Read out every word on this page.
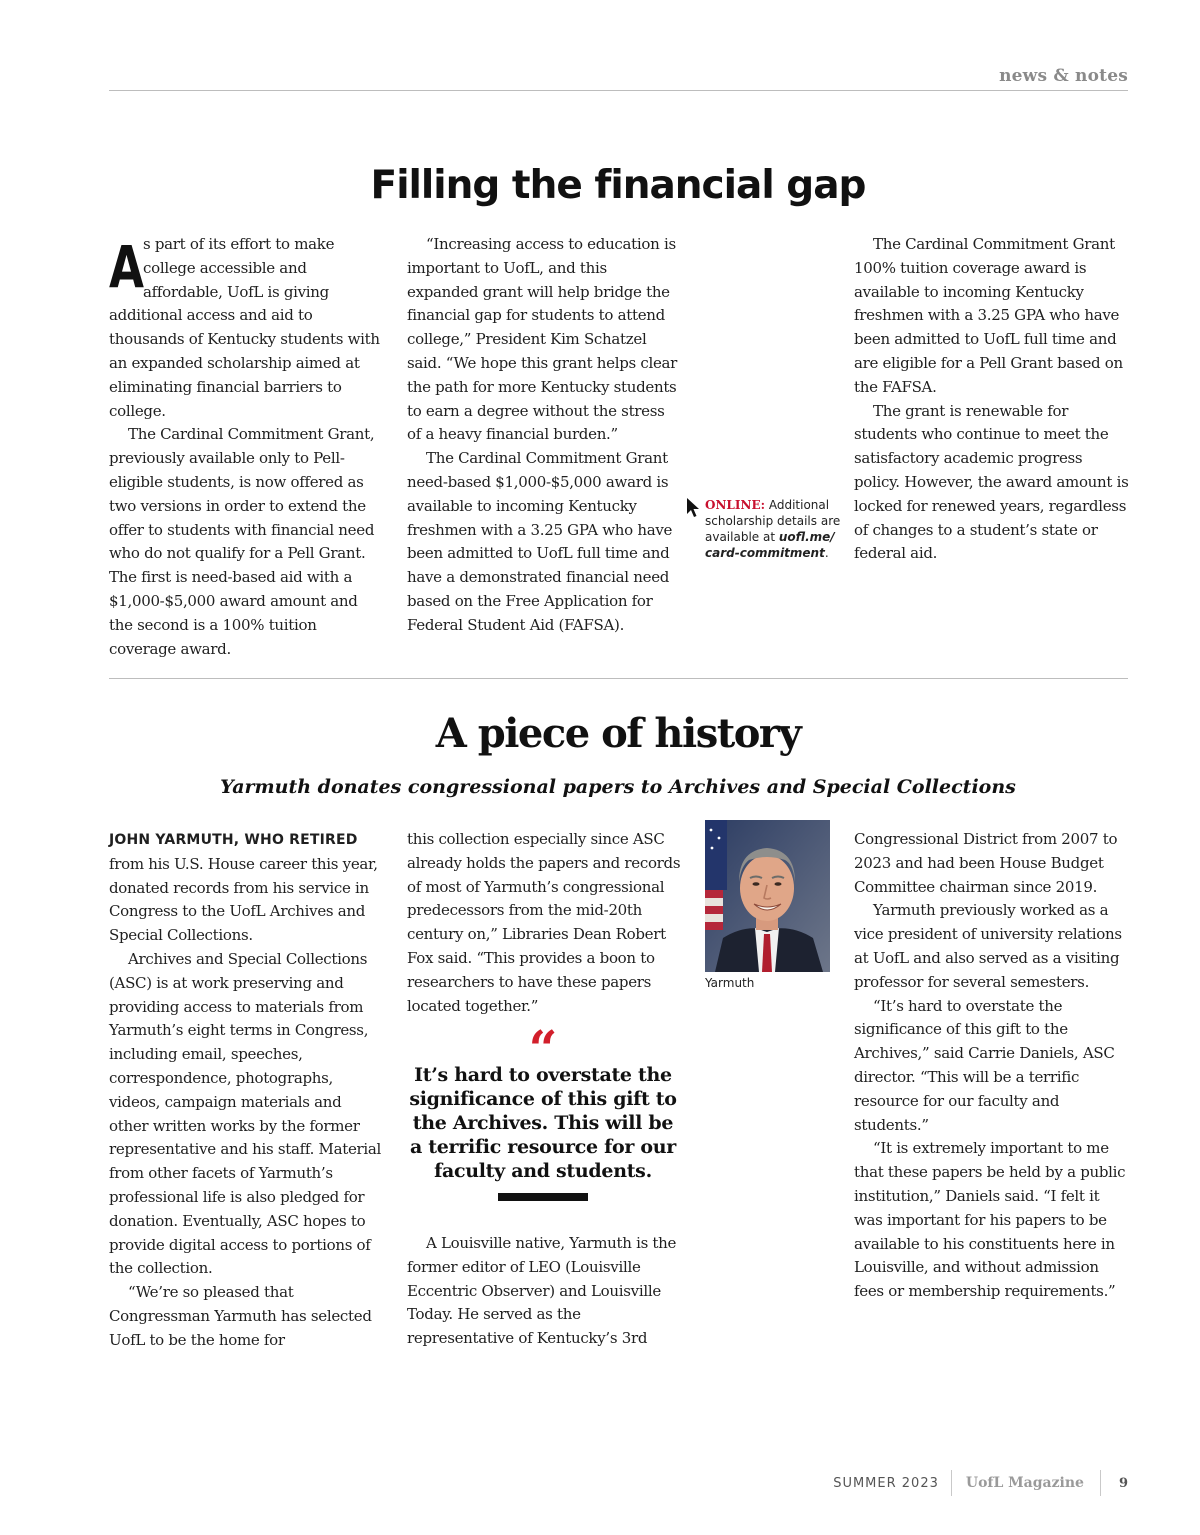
news & notes
Filling the financial gap

As part of its effort to make college accessible and affordable, UofL is giving additional access and aid to thousands of Kentucky students with an expanded scholarship aimed at eliminating financial barriers to college.

The Cardinal Commitment Grant, previously available only to Pell-eligible students, is now offered as two versions in order to extend the offer to students with financial need who do not qualify for a Pell Grant. The first is need-based aid with a $1,000-$5,000 award amount and the second is a 100% tuition coverage award.

“Increasing access to education is important to UofL, and this expanded grant will help bridge the financial gap for students to attend college,” President Kim Schatzel said. “We hope this grant helps clear the path for more Kentucky students to earn a degree without the stress of a heavy financial burden.”

The Cardinal Commitment Grant need-based $1,000-$5,000 award is available to incoming Kentucky freshmen with a 3.25 GPA who have been admitted to UofL full time and have a demonstrated financial need based on the Free Application for Federal Student Aid (FAFSA).

ONLINE: Additional scholarship details are available at uofl.me/ card-commitment.

The Cardinal Commitment Grant 100% tuition coverage award is available to incoming Kentucky freshmen with a 3.25 GPA who have been admitted to UofL full time and are eligible for a Pell Grant based on the FAFSA.

The grant is renewable for students who continue to meet the satisfactory academic progress policy. However, the award amount is locked for renewed years, regardless of changes to a student’s state or federal aid.

A piece of history
Yarmuth donates congressional papers to Archives and Special Collections

JOHN YARMUTH, WHO RETIRED from his U.S. House career this year, donated records from his service in Congress to the UofL Archives and Special Collections.

Archives and Special Collections (ASC) is at work preserving and providing access to materials from Yarmuth’s eight terms in Congress, including email, speeches, correspondence, photographs, videos, campaign materials and other written works by the former representative and his staff. Material from other facets of Yarmuth’s professional life is also pledged for donation. Eventually, ASC hopes to provide digital access to portions of the collection.

“We’re so pleased that Congressman Yarmuth has selected UofL to be the home for

this collection especially since ASC already holds the papers and records of most of Yarmuth’s congressional predecessors from the mid-20th century on,” Libraries Dean Robert Fox said. “This provides a boon to researchers to have these papers located together.”

“
It’s hard to overstate the significance of this gift to the Archives. This will be a terrific resource for our faculty and students.

A Louisville native, Yarmuth is the former editor of LEO (Louisville Eccentric Observer) and Louisville Today. He served as the representative of Kentucky’s 3rd

Yarmuth

Congressional District from 2007 to 2023 and had been House Budget Committee chairman since 2019.

Yarmuth previously worked as a vice president of university relations at UofL and also served as a visiting professor for several semesters.

“It’s hard to overstate the significance of this gift to the Archives,” said Carrie Daniels, ASC director. “This will be a terrific resource for our faculty and students.”

“It is extremely important to me that these papers be held by a public institution,” Daniels said. “I felt it was important for his papers to be available to his constituents here in Louisville, and without admission fees or membership requirements.”

SUMMER 2023	UofL Magazine	9
